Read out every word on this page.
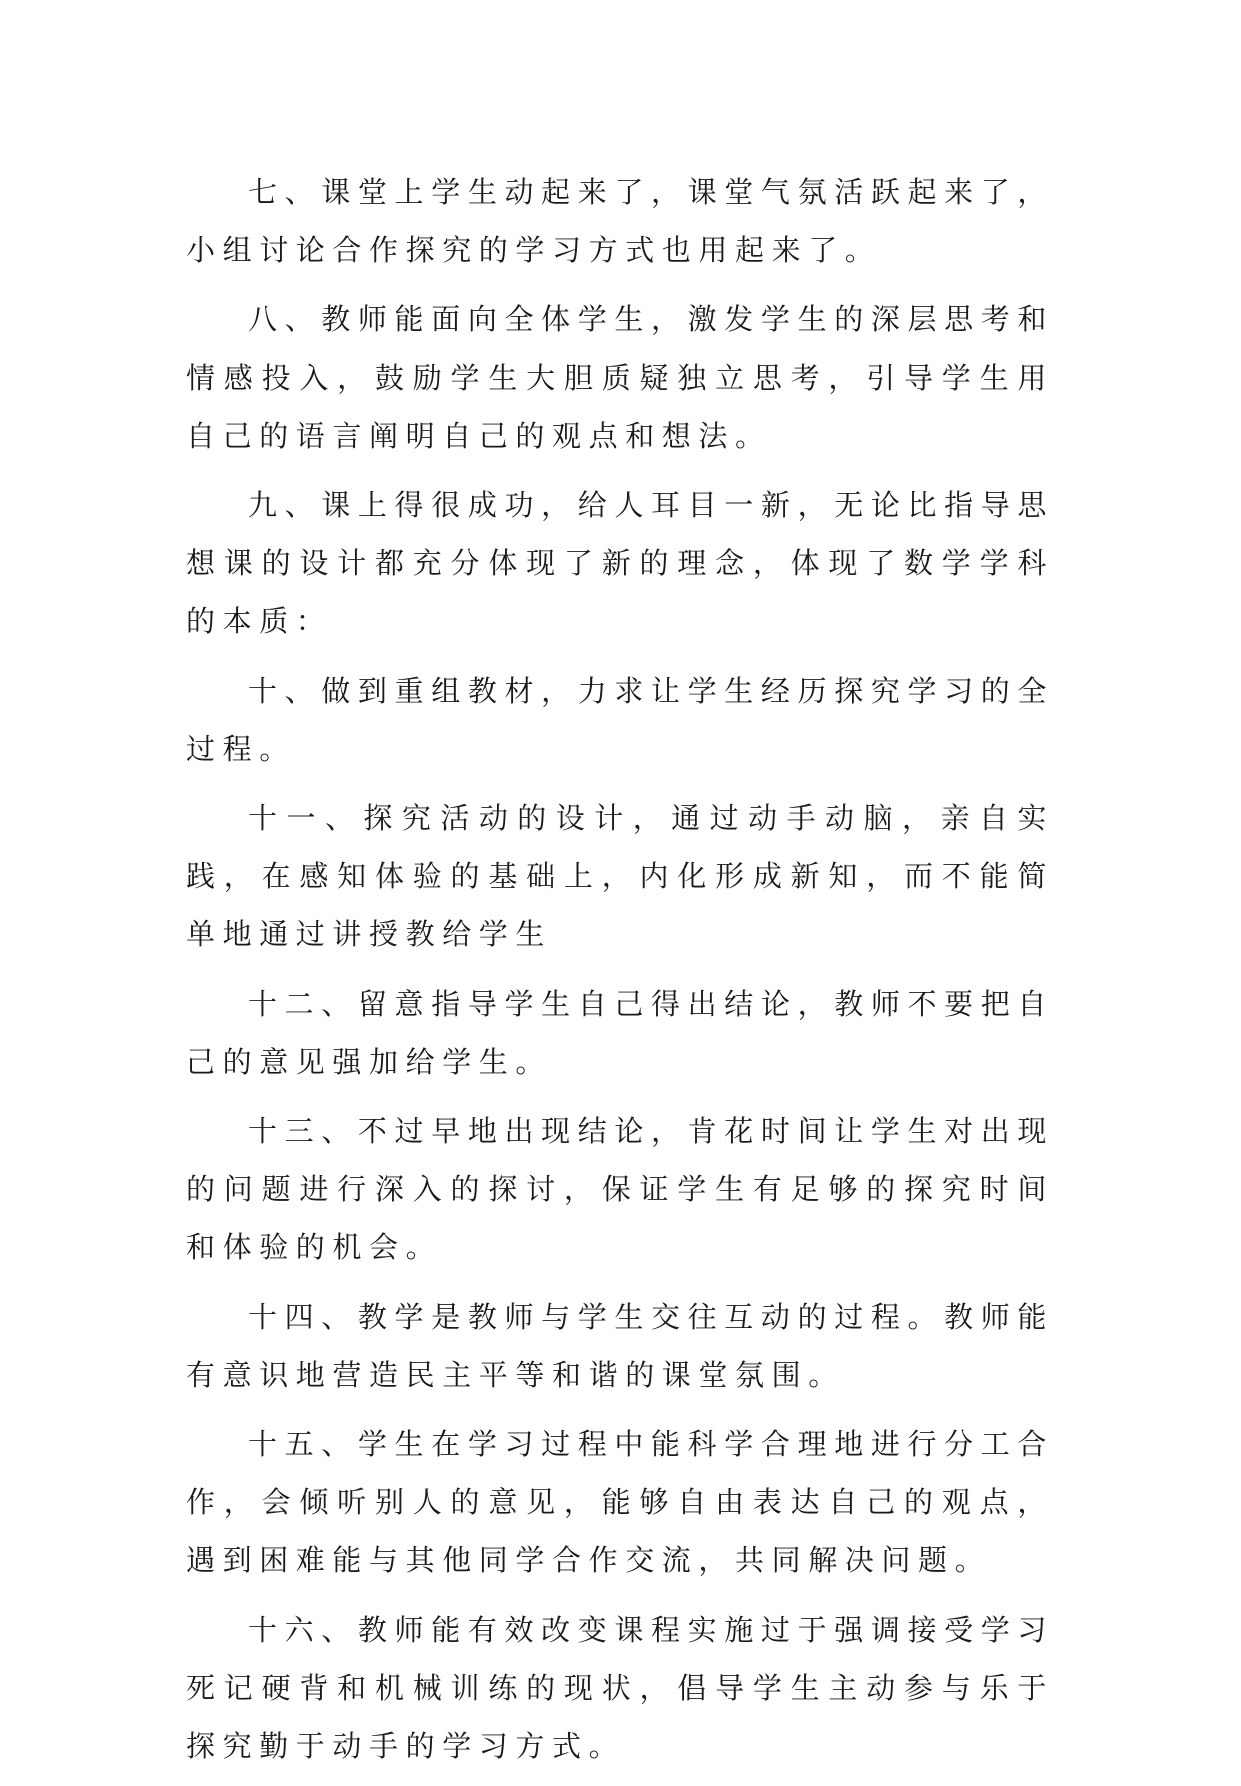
七、课堂上学生动起来了，课堂气氛活跃起来了，小组讨论合作探究的学习方式也用起来了。

八、教师能面向全体学生，激发学生的深层思考和情感投入，鼓励学生大胆质疑独立思考，引导学生用自己的语言阐明自己的观点和想法。

九、课上得很成功，给人耳目一新，无论比指导思想课的设计都充分体现了新的理念，体现了数学学科的本质：

十、做到重组教材，力求让学生经历探究学习的全过程。

十一、探究活动的设计，通过动手动脑，亲自实践，在感知体验的基础上，内化形成新知，而不能简单地通过讲授教给学生

十二、留意指导学生自己得出结论，教师不要把自己的意见强加给学生。

十三、不过早地出现结论，肯花时间让学生对出现的问题进行深入的探讨，保证学生有足够的探究时间和体验的机会。

十四、教学是教师与学生交往互动的过程。教师能有意识地营造民主平等和谐的课堂氛围。

十五、学生在学习过程中能科学合理地进行分工合作，会倾听别人的意见，能够自由表达自己的观点，遇到困难能与其他同学合作交流，共同解决问题。

十六、教师能有效改变课程实施过于强调接受学习死记硬背和机械训练的现状，倡导学生主动参与乐于探究勤于动手的学习方式。
